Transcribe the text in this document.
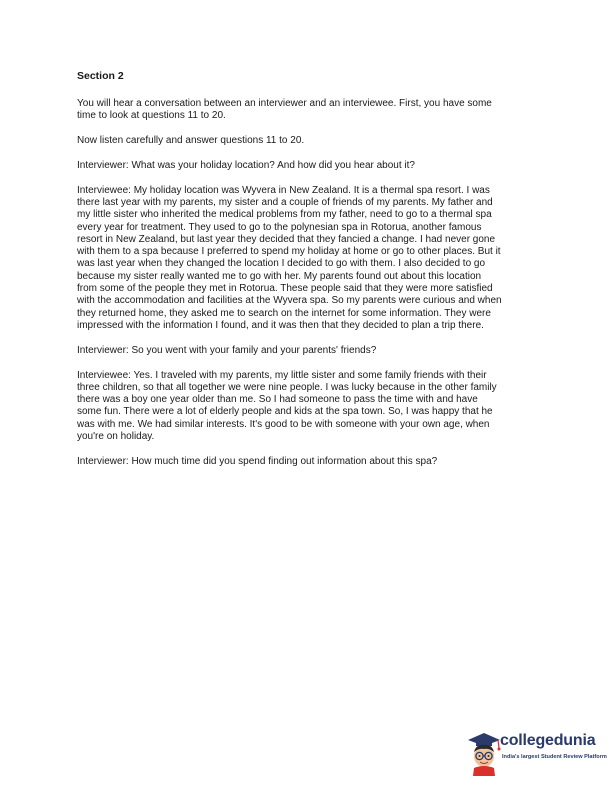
Section 2
You will hear a conversation between an interviewer and an interviewee. First, you have some
time to look at questions 11 to 20.
Now listen carefully and answer questions 11 to 20.
Interviewer: What was your holiday location? And how did you hear about it?
Interviewee: My holiday location was Wyvera in New Zealand. It is a thermal spa resort. I was
there last year with my parents, my sister and a couple of friends of my parents. My father and
my little sister who inherited the medical problems from my father, need to go to a thermal spa
every year for treatment. They used to go to the polynesian spa in Rotorua, another famous
resort in New Zealand, but last year they decided that they fancied a change. I had never gone
with them to a spa because I preferred to spend my holiday at home or go to other places. But it
was last year when they changed the location I decided to go with them. I also decided to go
because my sister really wanted me to go with her. My parents found out about this location
from some of the people they met in Rotorua. These people said that they were more satisfied
with the accommodation and facilities at the Wyvera spa. So my parents were curious and when
they returned home, they asked me to search on the internet for some information. They were
impressed with the information I found, and it was then that they decided to plan a trip there.
Interviewer: So you went with your family and your parents' friends?
Interviewee: Yes. I traveled with my parents, my little sister and some family friends with their
three children, so that all together we were nine people. I was lucky because in the other family
there was a boy one year older than me. So I had someone to pass the time with and have
some fun. There were a lot of elderly people and kids at the spa town. So, I was happy that he
was with me. We had similar interests. It's good to be with someone with your own age, when
you're on holiday.
Interviewer: How much time did you spend finding out information about this spa?
collegedunia
India's largest Student Review Platform
